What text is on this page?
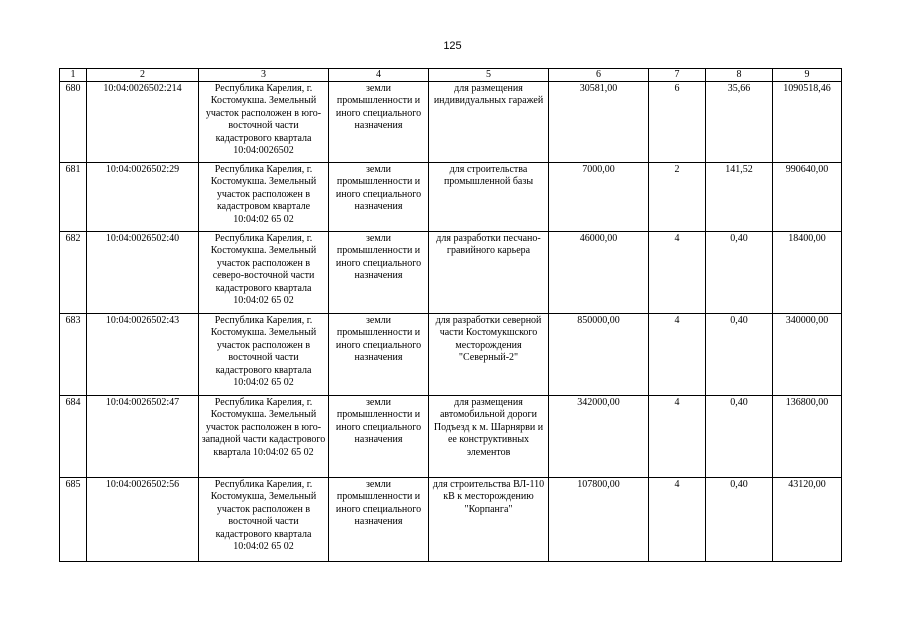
125
1	2	3	4	5	6	7	8	9
680	10:04:0026502:214	Республика Карелия, г. Костомукша. Земельный участок расположен в юго-восточной части кадастрового квартала 10:04:0026502	земли промышленности и иного специального назначения	для размещения индивидуальных гаражей	30581,00	6	35,66	1090518,46
681	10:04:0026502:29	Республика Карелия, г. Костомукша. Земельный участок расположен в кадастровом квартале 10:04:02 65 02	земли промышленности и иного специального назначения	для строительства промышленной базы	7000,00	2	141,52	990640,00
682	10:04:0026502:40	Республика Карелия, г. Костомукша. Земельный участок расположен в северо-восточной части кадастрового квартала 10:04:02 65 02	земли промышленности и иного специального назначения	для разработки песчано-гравийного карьера	46000,00	4	0,40	18400,00
683	10:04:0026502:43	Республика Карелия, г. Костомукша. Земельный участок расположен в восточной части кадастрового квартала 10:04:02 65 02	земли промышленности и иного специального назначения	для разработки северной части Костомукшского месторождения "Северный-2"	850000,00	4	0,40	340000,00
684	10:04:0026502:47	Республика Карелия, г. Костомукша. Земельный участок расположен в юго-западной части кадастрового квартала 10:04:02 65 02	земли промышленности и иного специального назначения	для размещения автомобильной дороги Подъезд к м. Шарнярви и ее конструктивных элементов	342000,00	4	0,40	136800,00
685	10:04:0026502:56	Республика Карелия, г. Костомукша, Земельный участок расположен в восточной части кадастрового квартала 10:04:02 65 02	земли промышленности и иного специального назначения	для строительства ВЛ-110 кВ к месторождению "Корпанга"	107800,00	4	0,40	43120,00
